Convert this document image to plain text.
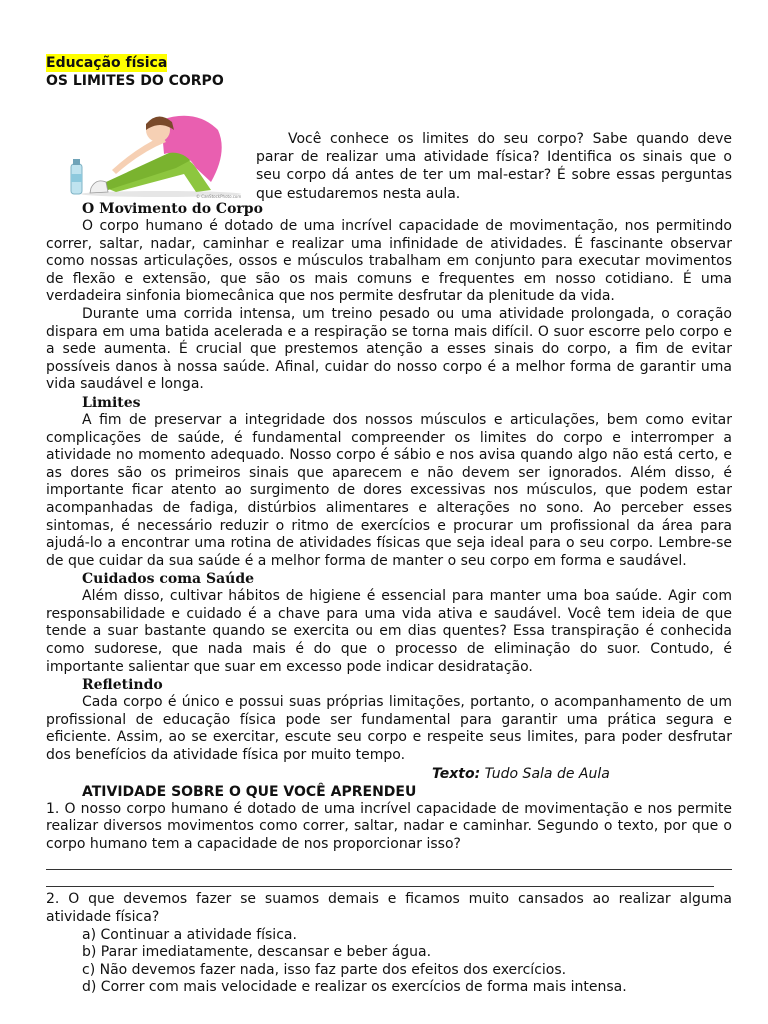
Educação física
OS LIMITES DO CORPO
© CanStockPhoto.com

Você conhece os limites do seu corpo? Sabe quando deve parar de realizar uma atividade física? Identifica os sinais que o seu corpo dá antes de ter um mal-estar? É sobre essas perguntas que estudaremos nesta aula.

O Movimento do Corpo

O corpo humano é dotado de uma incrível capacidade de movimentação, nos permitindo correr, saltar, nadar, caminhar e realizar uma infinidade de atividades. É fascinante observar como nossas articulações, ossos e músculos trabalham em conjunto para executar movimentos de flexão e extensão, que são os mais comuns e frequentes em nosso cotidiano. É uma verdadeira sinfonia biomecânica que nos permite desfrutar da plenitude da vida.

Durante uma corrida intensa, um treino pesado ou uma atividade prolongada, o coração dispara em uma batida acelerada e a respiração se torna mais difícil. O suor escorre pelo corpo e a sede aumenta. É crucial que prestemos atenção a esses sinais do corpo, a fim de evitar possíveis danos à nossa saúde. Afinal, cuidar do nosso corpo é a melhor forma de garantir uma vida saudável e longa.

Limites

A fim de preservar a integridade dos nossos músculos e articulações, bem como evitar complicações de saúde, é fundamental compreender os limites do corpo e interromper a atividade no momento adequado. Nosso corpo é sábio e nos avisa quando algo não está certo, e as dores são os primeiros sinais que aparecem e não devem ser ignorados. Além disso, é importante ficar atento ao surgimento de dores excessivas nos músculos, que podem estar acompanhadas de fadiga, distúrbios alimentares e alterações no sono. Ao perceber esses sintomas, é necessário reduzir o ritmo de exercícios e procurar um profissional da área para ajudá-lo a encontrar uma rotina de atividades físicas que seja ideal para o seu corpo. Lembre-se de que cuidar da sua saúde é a melhor forma de manter o seu corpo em forma e saudável.

Cuidados coma Saúde

Além disso, cultivar hábitos de higiene é essencial para manter uma boa saúde. Agir com responsabilidade e cuidado é a chave para uma vida ativa e saudável. Você tem ideia de que tende a suar bastante quando se exercita ou em dias quentes? Essa transpiração é conhecida como sudorese, que nada mais é do que o processo de eliminação do suor. Contudo, é importante salientar que suar em excesso pode indicar desidratação.

Refletindo

Cada corpo é único e possui suas próprias limitações, portanto, o acompanhamento de um profissional de educação física pode ser fundamental para garantir uma prática segura e eficiente. Assim, ao se exercitar, escute seu corpo e respeite seus limites, para poder desfrutar dos benefícios da atividade física por muito tempo.

Texto: Tudo Sala de Aula
ATIVIDADE SOBRE O QUE VOCÊ APRENDEU

1. O nosso corpo humano é dotado de uma incrível capacidade de movimentação e nos permite realizar diversos movimentos como correr, saltar, nadar e caminhar. Segundo o texto, por que o corpo humano tem a capacidade de nos proporcionar isso?

2. O que devemos fazer se suamos demais e ficamos muito cansados ao realizar alguma atividade física?

a) Continuar a atividade física.
b) Parar imediatamente, descansar e beber água.
c) Não devemos fazer nada, isso faz parte dos efeitos dos exercícios.
d) Correr com mais velocidade e realizar os exercícios de forma mais intensa.
